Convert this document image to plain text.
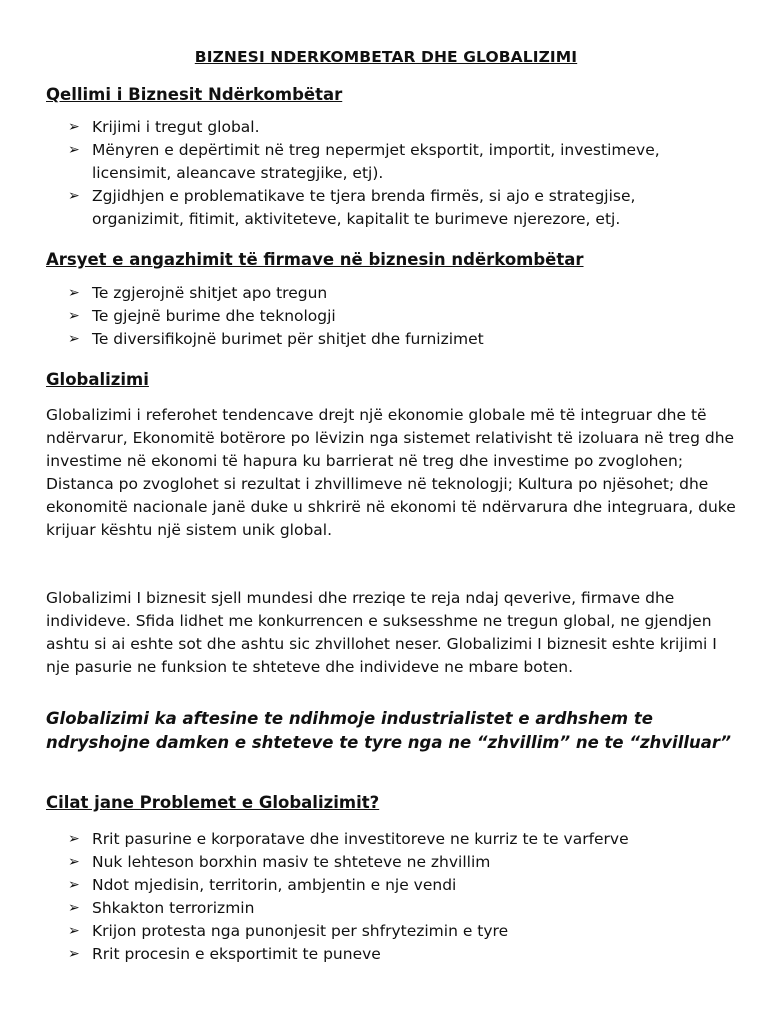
BIZNESI NDERKOMBETAR DHE GLOBALIZIMI
Qellimi i Biznesit Ndërkombëtar
➢ Krijimi i tregut global.
➢ Mënyren e depërtimit në treg nepermjet eksportit, importit, investimeve, licensimit, aleancave strategjike, etj).
➢ Zgjidhjen e problematikave te tjera brenda firmës, si ajo e strategjise, organizimit, fitimit, aktiviteteve, kapitalit te burimeve njerezore, etj.
Arsyet e angazhimit të firmave në biznesin ndërkombëtar
➢ Te zgjerojnë shitjet apo tregun
➢ Te gjejnë burime dhe teknologji
➢ Te diversifikojnë burimet për shitjet dhe furnizimet
Globalizimi

Globalizimi i referohet tendencave drejt një ekonomie globale më të integruar dhe të ndërvarur, Ekonomitë botërore po lëvizin nga sistemet relativisht të izoluara në treg dhe investime në ekonomi të hapura ku barrierat në treg dhe investime po zvoglohen; Distanca po zvoglohet si rezultat i zhvillimeve në teknologji; Kultura po njësohet; dhe ekonomitë nacionale janë duke u shkrirë në ekonomi të ndërvarura dhe integruara, duke krijuar kështu një sistem unik global.

Globalizimi I biznesit sjell mundesi dhe rreziqe te reja ndaj qeverive, firmave dhe individeve. Sfida lidhet me konkurrencen e suksesshme ne tregun global, ne gjendjen ashtu si ai eshte sot dhe ashtu sic zhvillohet neser. Globalizimi I biznesit eshte krijimi I nje pasurie ne funksion te shteteve dhe individeve ne mbare boten.

Globalizimi ka aftesine te ndihmoje industrialistet e ardhshem te ndryshojne damken e shteteve te tyre nga ne “zhvillim” ne te “zhvilluar”

Cilat jane Problemet e Globalizimit?
➢ Rrit pasurine e korporatave dhe investitoreve ne kurriz te te varferve
➢ Nuk lehteson borxhin masiv te shteteve ne zhvillim
➢ Ndot mjedisin, territorin, ambjentin e nje vendi
➢ Shkakton terrorizmin
➢ Krijon protesta nga punonjesit per shfrytezimin e tyre
➢ Rrit procesin e eksportimit te puneve
